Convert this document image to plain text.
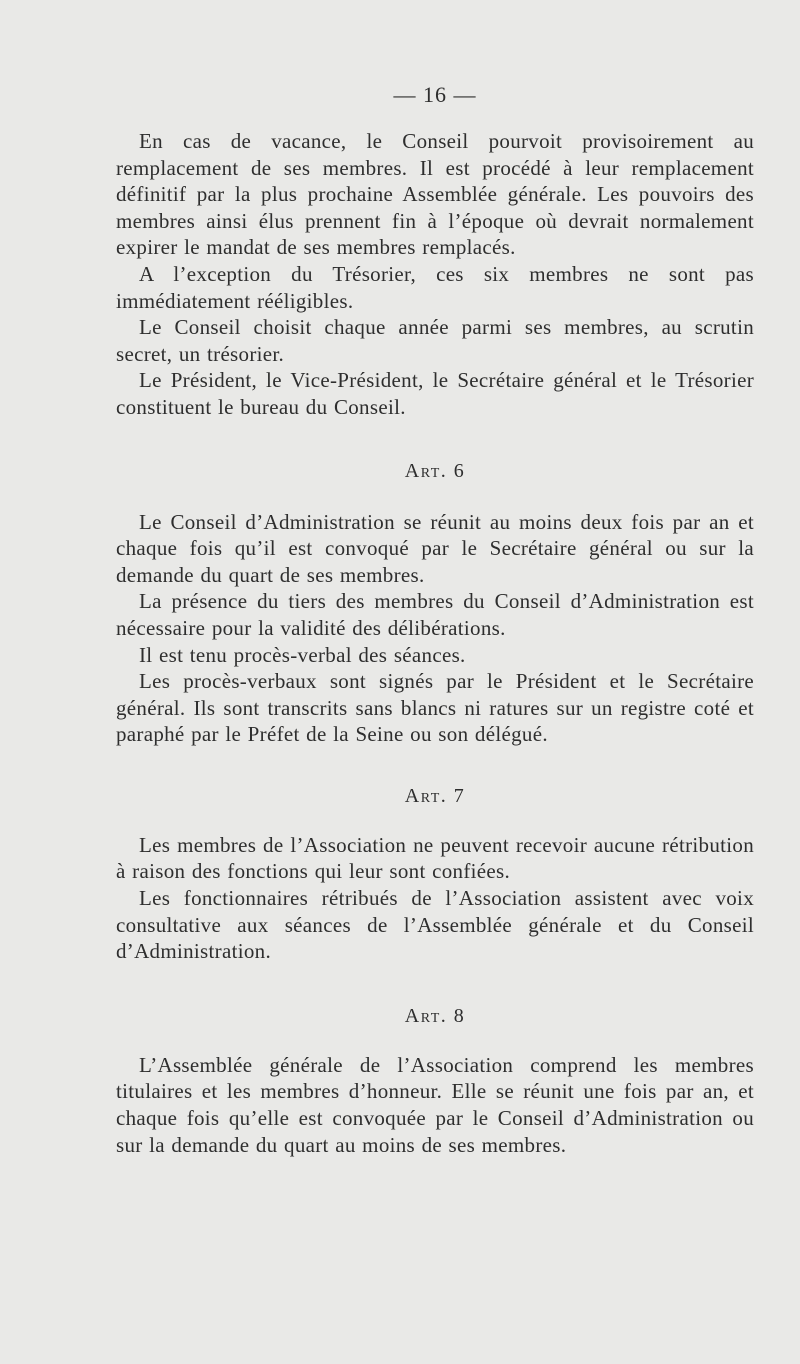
— 16 —

En cas de vacance, le Conseil pourvoit provisoirement au remplacement de ses membres. Il est procédé à leur remplacement définitif par la plus prochaine Assemblée générale. Les pouvoirs des membres ainsi élus prennent fin à l’époque où devrait normalement expirer le mandat de ses membres remplacés.

A l’exception du Trésorier, ces six membres ne sont pas immédiatement rééligibles.

Le Conseil choisit chaque année parmi ses membres, au scrutin secret, un trésorier.

Le Président, le Vice-Président, le Secrétaire général et le Trésorier constituent le bureau du Conseil.

Art. 6

Le Conseil d’Administration se réunit au moins deux fois par an et chaque fois qu’il est convoqué par le Secrétaire général ou sur la demande du quart de ses membres.

La présence du tiers des membres du Conseil d’Administration est nécessaire pour la validité des délibérations.

Il est tenu procès-verbal des séances.

Les procès-verbaux sont signés par le Président et le Secrétaire général. Ils sont transcrits sans blancs ni ratures sur un registre coté et paraphé par le Préfet de la Seine ou son délégué.

Art. 7

Les membres de l’Association ne peuvent recevoir aucune rétribution à raison des fonctions qui leur sont confiées.

Les fonctionnaires rétribués de l’Association assistent avec voix consultative aux séances de l’Assemblée générale et du Conseil d’Administration.

Art. 8

L’Assemblée générale de l’Association comprend les membres titulaires et les membres d’honneur. Elle se réunit une fois par an, et chaque fois qu’elle est convoquée par le Conseil d’Administration ou sur la demande du quart au moins de ses membres.
